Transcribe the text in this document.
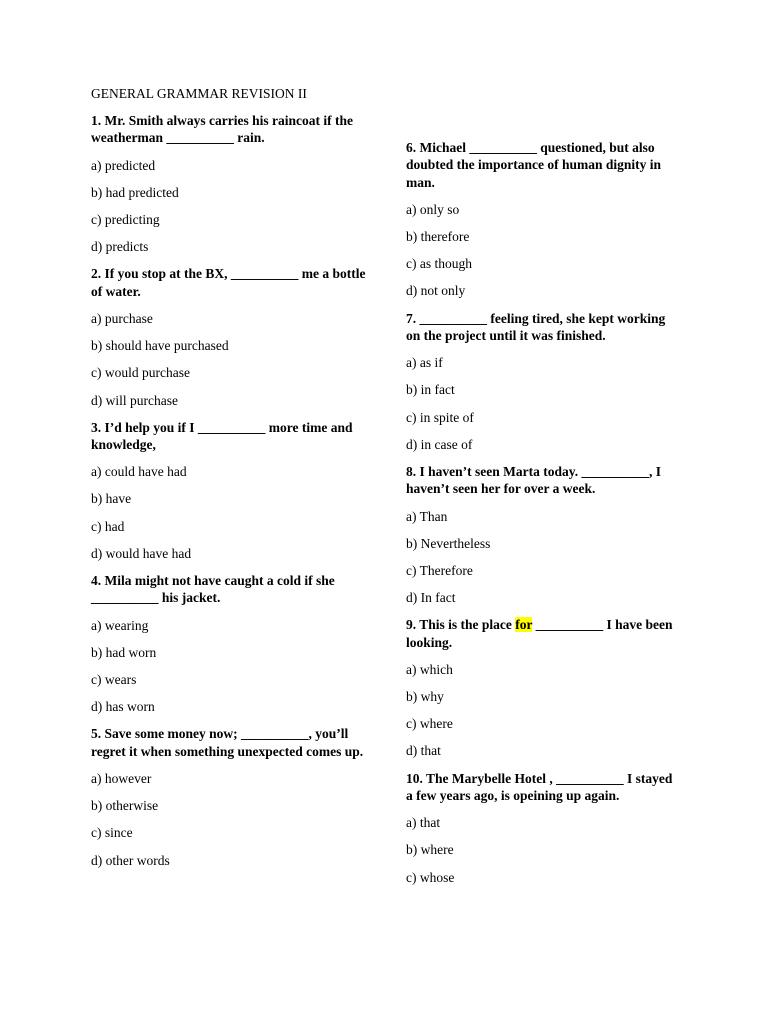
GENERAL GRAMMAR REVISION II
1. Mr. Smith always carries his raincoat if the weatherman __________ rain.
a) predicted
b) had predicted
c) predicting
d) predicts
2. If you stop at the BX, __________ me a bottle of water.
a) purchase
b) should have purchased
c) would purchase
d) will purchase
3. I’d help you if I __________ more time and knowledge,
a) could have had
b) have
c) had
d) would have had
4. Mila might not have caught a cold if she __________ his jacket.
a) wearing
b) had worn
c) wears
d) has worn
5. Save some money now; __________, you’ll regret it when something unexpected comes up.
a) however
b) otherwise
c) since
d) other words
6. Michael __________ questioned, but also doubted the importance of human dignity in man.
a) only so
b) therefore
c) as though
d) not only
7. __________ feeling tired, she kept working on the project until it was finished.
a) as if
b) in fact
c) in spite of
d) in case of
8. I haven’t seen Marta today. __________, I haven’t seen her for over a week.
a) Than
b) Nevertheless
c) Therefore
d) In fact
9. This is the place for __________ I have been looking.
a) which
b) why
c) where
d) that
10. The Marybelle Hotel , __________ I stayed a few years ago, is opeining up again.
a) that
b) where
c) whose
